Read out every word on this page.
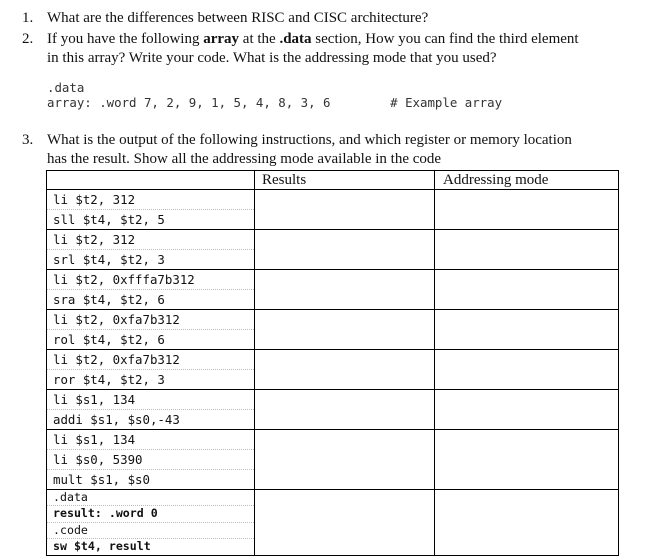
1. What are the differences between RISC and CISC architecture?
2. If you have the following array at the .data section, How you can find the third element
in this array? Write your code. What is the addressing mode that you used?
.data
array: .word 7, 2, 9, 1, 5, 4, 8, 3, 6        # Example array
3. What is the output of the following instructions, and which register or memory location
has the result. Show all the addressing mode available in the code
	Results	Addressing mode

li $t2, 312
sll $t4, $t2, 5		

li $t2, 312
srl $t4, $t2, 3		

li $t2, 0xfffa7b312
sra $t4, $t2, 6		

li $t2, 0xfa7b312
rol $t4, $t2, 6		

li $t2, 0xfa7b312
ror $t4, $t2, 3		

li $s1, 134
addi $s1, $s0,-43		

li $s1, 134
li $s0, 5390
mult $s1, $s0		

.data
result: .word 0
.code
sw $t4, result		
